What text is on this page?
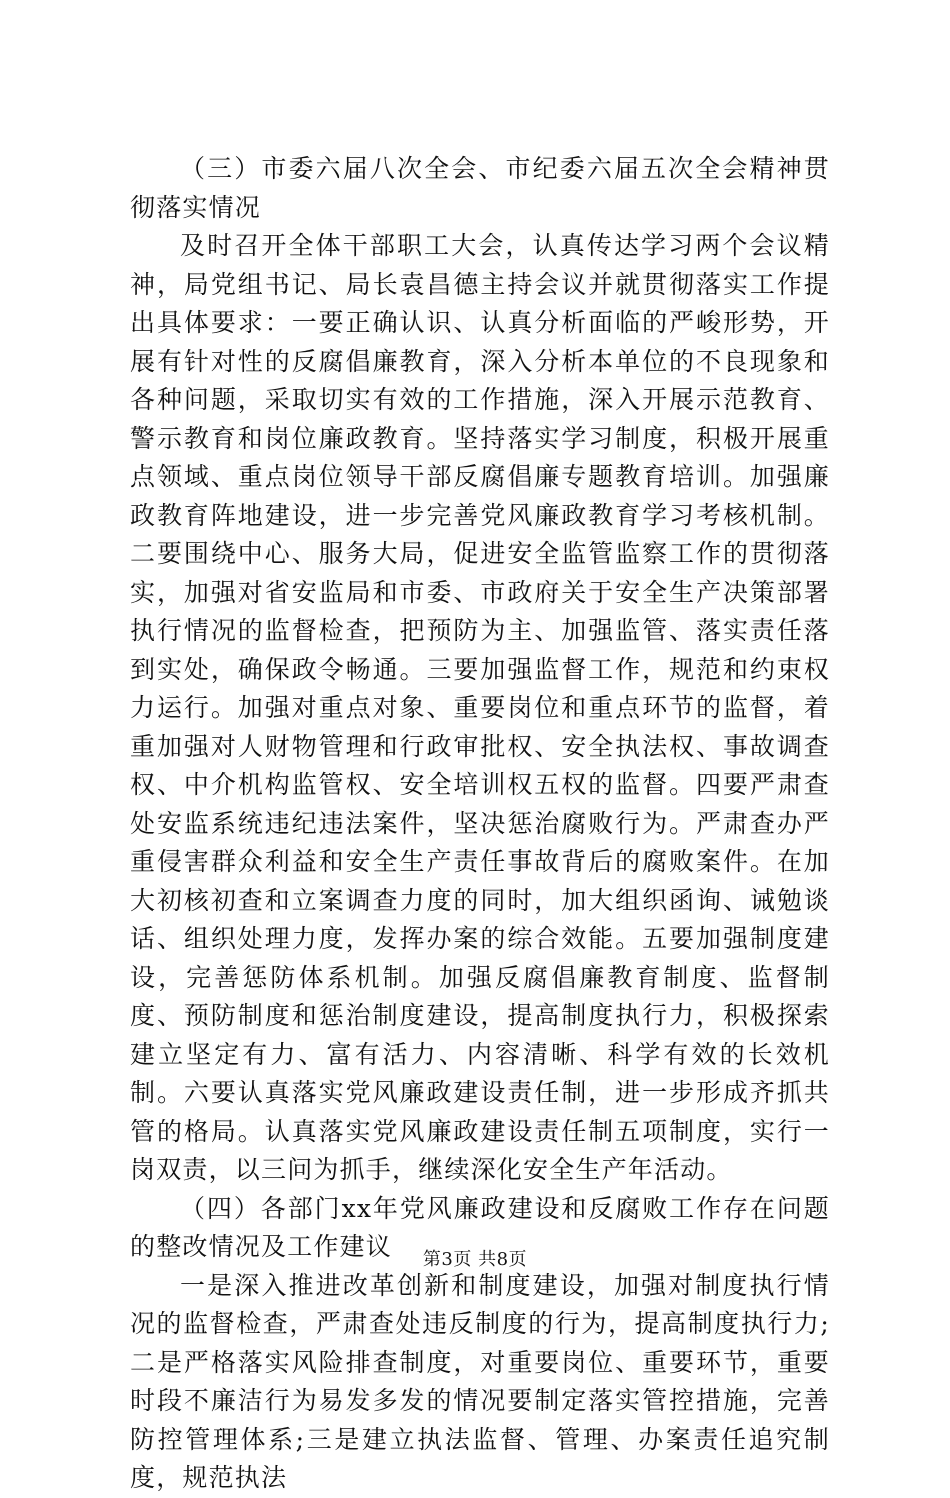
（三）市委六届八次全会、市纪委六届五次全会精神贯彻落实情况

及时召开全体干部职工大会，认真传达学习两个会议精神，局党组书记、局长袁昌德主持会议并就贯彻落实工作提出具体要求：一要正确认识、认真分析面临的严峻形势，开展有针对性的反腐倡廉教育，深入分析本单位的不良现象和各种问题，采取切实有效的工作措施，深入开展示范教育、警示教育和岗位廉政教育。坚持落实学习制度，积极开展重点领域、重点岗位领导干部反腐倡廉专题教育培训。加强廉政教育阵地建设，进一步完善党风廉政教育学习考核机制。二要围绕中心、服务大局，促进安全监管监察工作的贯彻落实，加强对省安监局和市委、市政府关于安全生产决策部署执行情况的监督检查，把预防为主、加强监管、落实责任落到实处，确保政令畅通。三要加强监督工作，规范和约束权力运行。加强对重点对象、重要岗位和重点环节的监督，着重加强对人财物管理和行政审批权、安全执法权、事故调查权、中介机构监管权、安全培训权五权的监督。四要严肃查处安监系统违纪违法案件，坚决惩治腐败行为。严肃查办严重侵害群众利益和安全生产责任事故背后的腐败案件。在加大初核初查和立案调查力度的同时，加大组织函询、诫勉谈话、组织处理力度，发挥办案的综合效能。五要加强制度建设，完善惩防体系机制。加强反腐倡廉教育制度、监督制度、预防制度和惩治制度建设，提高制度执行力，积极探索建立坚定有力、富有活力、内容清晰、科学有效的长效机制。六要认真落实党风廉政建设责任制，进一步形成齐抓共管的格局。认真落实党风廉政建设责任制五项制度，实行一岗双责，以三问为抓手，继续深化安全生产年活动。

（四）各部门xx年党风廉政建设和反腐败工作存在问题的整改情况及工作建议

一是深入推进改革创新和制度建设，加强对制度执行情况的监督检查，严肃查处违反制度的行为，提高制度执行力;二是严格落实风险排查制度，对重要岗位、重要环节，重要时段不廉洁行为易发多发的情况要制定落实管控措施，完善防控管理体系;三是建立执法监督、管理、办案责任追究制度，规范执法

第3页 共8页
